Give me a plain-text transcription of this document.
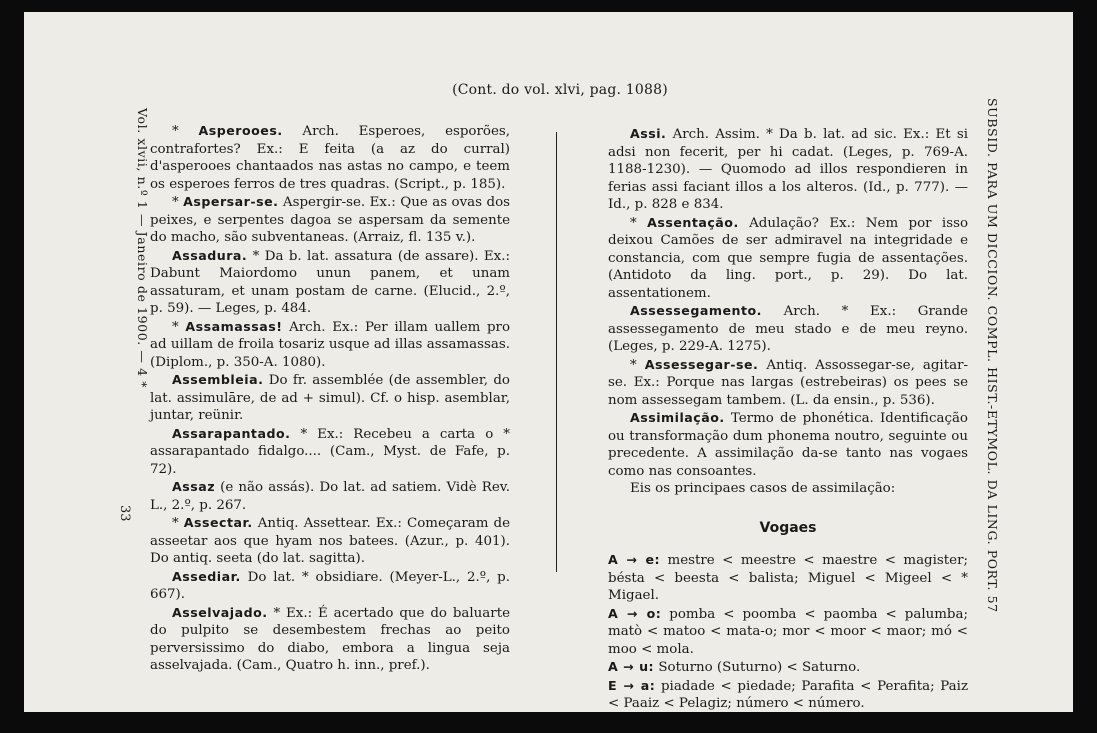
(Cont. do vol. xlvi, pag. 1088)
Vol. xlvii, n.º 1 — Janeiro de 1900. — 4 *
33	SUBSID. PARA UM DICCION. COMPL. HIST.-ETYMOL. DA LING. PORT. 57

* Asperooes. Arch. Esperoes, esporões, contrafortes? Ex.: E feita (a az do curral) d'asperooes chantaados nas astas no campo, e teem os esperoes ferros de tres quadras. (Script., p. 185).

* Aspersar-se. Aspergir-se. Ex.: Que as ovas dos peixes, e serpentes dagoa se aspersam da semente do macho, são subventaneas. (Arraiz, fl. 135 v.).

Assadura. * Da b. lat. assatura (de assare). Ex.: Dabunt Maiordomo unun panem, et unam assaturam, et unam postam de carne. (Elucid., 2.º, p. 59). — Leges, p. 484.

* Assamassas! Arch. Ex.: Per illam uallem pro ad uillam de froila tosariz usque ad illas assamassas. (Diplom., p. 350-A. 1080).

Assembleia. Do fr. assemblée (de assembler, do lat. assimulāre, de ad + simul). Cf. o hisp. asemblar, juntar, reünir.

Assarapantado. * Ex.: Recebeu a carta o * assarapantado fidalgo.... (Cam., Myst. de Fafe, p. 72).

Assaz (e não assás). Do lat. ad satiem. Vidè Rev. L., 2.º, p. 267.

* Assectar. Antiq. Assettear. Ex.: Começaram de asseetar aos que hyam nos batees. (Azur., p. 401). Do antiq. seeta (do lat. sagitta).

Assediar. Do lat. * obsidiare. (Meyer-L., 2.º, p. 667).

Asselvajado. * Ex.: É acertado que do baluarte do pulpito se desembestem frechas ao peito perversissimo do diabo, embora a lingua seja asselvajada. (Cam., Quatro h. inn., pref.).

Assi. Arch. Assim. * Da b. lat. ad sic. Ex.: Et si adsi non fecerit, per hi cadat. (Leges, p. 769-A. 1188-1230). — Quomodo ad illos respondieren in ferias assi faciant illos a los alteros. (Id., p. 777). — Id., p. 828 e 834.

* Assentação. Adulação? Ex.: Nem por isso deixou Camões de ser admiravel na integridade e constancia, com que sempre fugia de assentações. (Antidoto da ling. port., p. 29). Do lat. assentationem.

Assessegamento. Arch. * Ex.: Grande assessegamento de meu stado e de meu reyno. (Leges, p. 229-A. 1275).

* Assessegar-se. Antiq. Assossegar-se, agitar-se. Ex.: Porque nas largas (estrebeiras) os pees se nom assessegam tambem. (L. da ensin., p. 536).

Assimilação. Termo de phonética. Identificação ou transformação dum phonema noutro, seguinte ou precedente. A assimilação da-se tanto nas vogaes como nas consoantes.

Eis os principaes casos de assimilação:

Vogaes

A → e: mestre < meestre < maestre < magister; bésta < beesta < balista; Miguel < Migeel < * Migael.

A → o: pomba < poomba < paomba < palumba; matò < matoo < mata-o; mor < moor < maor; mó < moo < mola.

A → u: Soturno (Suturno) < Saturno.

E → a: piadade < piedade; Parafita < Perafita; Paiz < Paaiz < Pelagiz; número < número.
